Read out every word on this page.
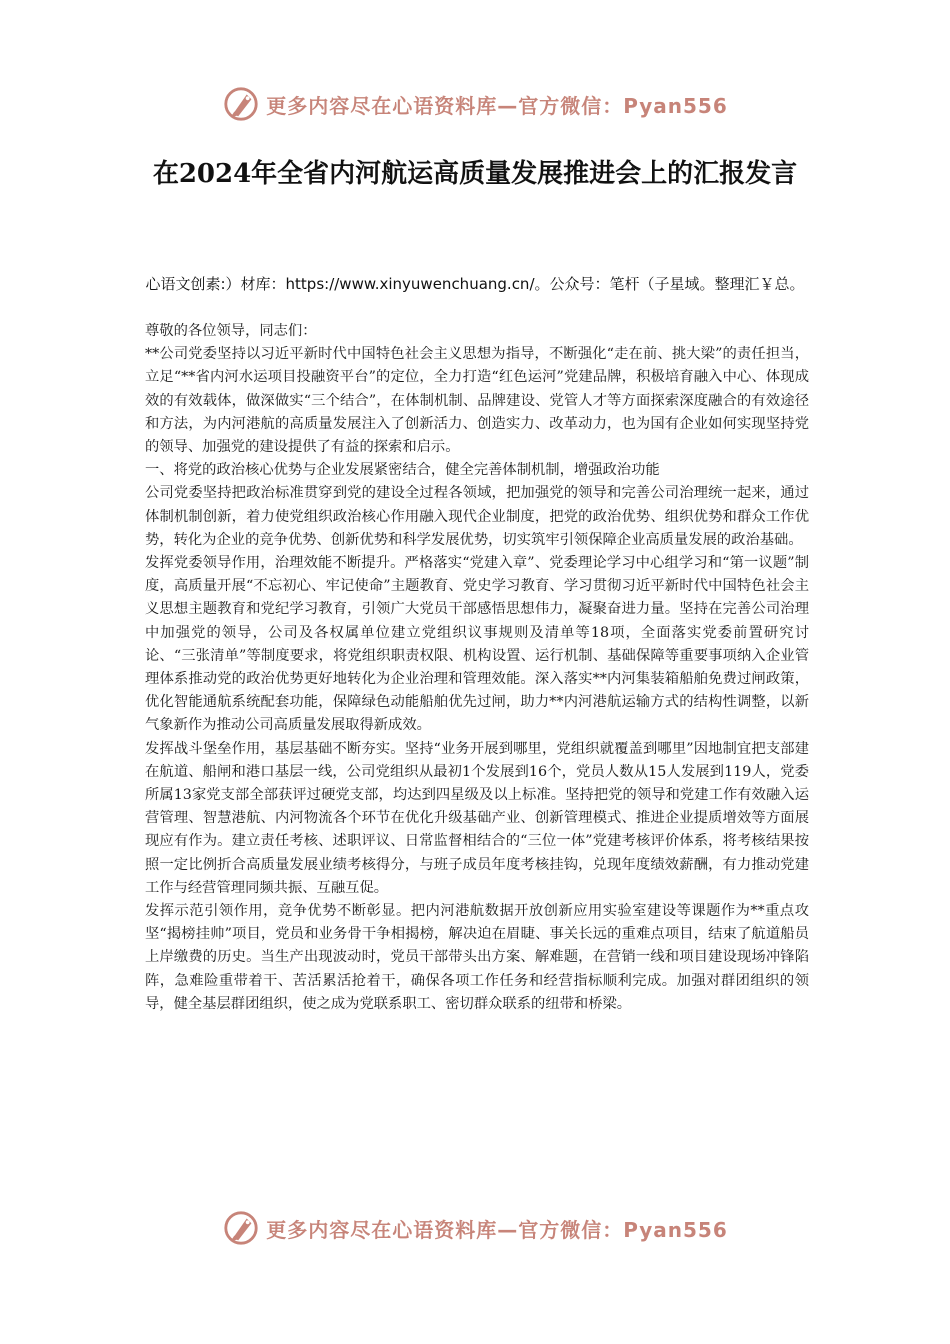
更多内容尽在心语资料库—官方微信：Pyan556
在2024年全省内河航运高质量发展推进会上的汇报发言

心语文创素:）材库：https://www.xinyuwenchuang.cn/。公众号：笔杆（子星域。整理汇￥总。

尊敬的各位领导，同志们：

**公司党委坚持以习近平新时代中国特色社会主义思想为指导，不断强化“走在前、挑大梁”的责任担当，立足“**省内河水运项目投融资平台”的定位，全力打造“红色运河”党建品牌，积极培育融入中心、体现成效的有效载体，做深做实“三个结合”，在体制机制、品牌建设、党管人才等方面探索深度融合的有效途径和方法，为内河港航的高质量发展注入了创新活力、创造实力、改革动力，也为国有企业如何实现坚持党的领导、加强党的建设提供了有益的探索和启示。

一、将党的政治核心优势与企业发展紧密结合，健全完善体制机制，增强政治功能

公司党委坚持把政治标准贯穿到党的建设全过程各领域，把加强党的领导和完善公司治理统一起来，通过体制机制创新，着力使党组织政治核心作用融入现代企业制度，把党的政治优势、组织优势和群众工作优势，转化为企业的竞争优势、创新优势和科学发展优势，切实筑牢引领保障企业高质量发展的政治基础。

发挥党委领导作用，治理效能不断提升。严格落实“党建入章”、党委理论学习中心组学习和“第一议题”制度，高质量开展“不忘初心、牢记使命”主题教育、党史学习教育、学习贯彻习近平新时代中国特色社会主义思想主题教育和党纪学习教育，引领广大党员干部感悟思想伟力，凝聚奋进力量。坚持在完善公司治理中加强党的领导，公司及各权属单位建立党组织议事规则及清单等18项，全面落实党委前置研究讨论、“三张清单”等制度要求，将党组织职责权限、机构设置、运行机制、基础保障等重要事项纳入企业管理体系推动党的政治优势更好地转化为企业治理和管理效能。深入落实**内河集装箱船舶免费过闸政策，优化智能通航系统配套功能，保障绿色动能船舶优先过闸，助力**内河港航运输方式的结构性调整，以新气象新作为推动公司高质量发展取得新成效。

发挥战斗堡垒作用，基层基础不断夯实。坚持“业务开展到哪里，党组织就覆盖到哪里”因地制宜把支部建在航道、船闸和港口基层一线，公司党组织从最初1个发展到16个，党员人数从15人发展到119人，党委所属13家党支部全部获评过硬党支部，均达到四星级及以上标准。坚持把党的领导和党建工作有效融入运营管理、智慧港航、内河物流各个环节在优化升级基础产业、创新管理模式、推进企业提质增效等方面展现应有作为。建立责任考核、述职评议、日常监督相结合的“三位一体”党建考核评价体系，将考核结果按照一定比例折合高质量发展业绩考核得分，与班子成员年度考核挂钩，兑现年度绩效薪酬，有力推动党建工作与经营管理同频共振、互融互促。

发挥示范引领作用，竞争优势不断彰显。把内河港航数据开放创新应用实验室建设等课题作为**重点攻坚“揭榜挂帅”项目，党员和业务骨干争相揭榜，解决迫在眉睫、事关长远的重难点项目，结束了航道船员上岸缴费的历史。当生产出现波动时，党员干部带头出方案、解难题，在营销一线和项目建设现场冲锋陷阵，急难险重带着干、苦活累活抢着干，确保各项工作任务和经营指标顺利完成。加强对群团组织的领导，健全基层群团组织，使之成为党联系职工、密切群众联系的纽带和桥梁。

更多内容尽在心语资料库—官方微信：Pyan556
